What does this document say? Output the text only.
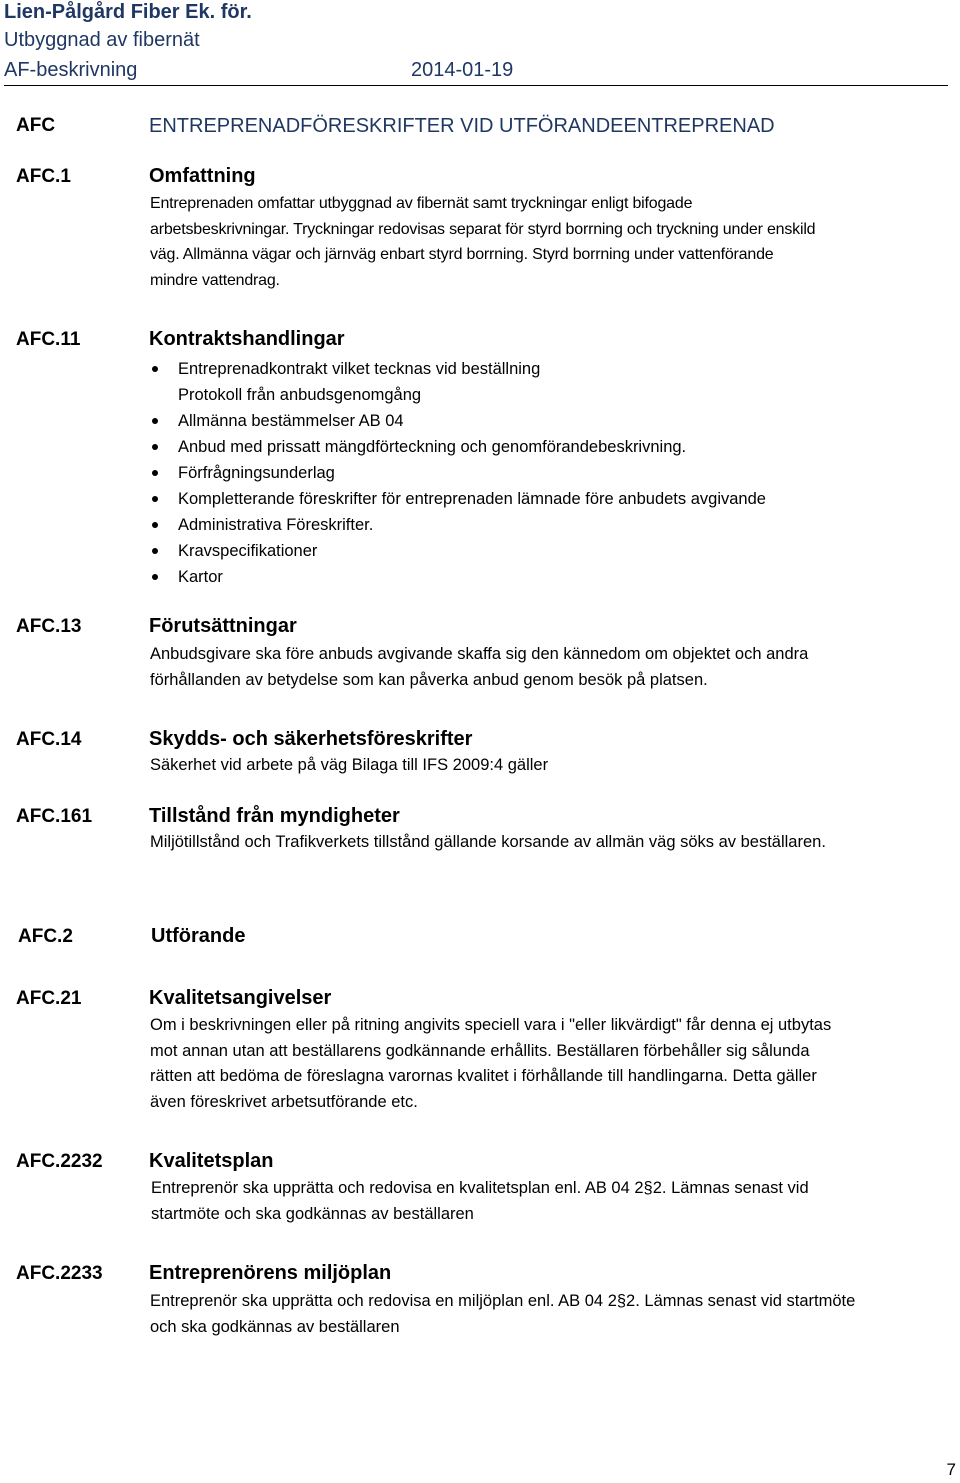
Lien-Pålgård Fiber Ek. för.
Utbyggnad av fibernät
AF-beskrivning	2014-01-19
AFC	ENTREPRENADFÖRESKRIFTER VID UTFÖRANDEENTREPRENAD
AFC.1	Omfattning
Entreprenaden omfattar utbyggnad av fibernät samt tryckningar enligt bifogade
arbetsbeskrivningar. Tryckningar redovisas separat för styrd borrning och tryckning under enskild
väg. Allmänna vägar och järnväg enbart styrd borrning. Styrd borrning under vattenförande
mindre vattendrag.
AFC.11	Kontraktshandlingar
Entreprenadkontrakt vilket tecknas vid beställning
Protokoll från anbudsgenomgång
Allmänna bestämmelser AB 04
Anbud med prissatt mängdförteckning och genomförandebeskrivning.
Förfrågningsunderlag
Kompletterande föreskrifter för entreprenaden lämnade före anbudets avgivande
Administrativa Föreskrifter.
Kravspecifikationer
Kartor
AFC.13	Förutsättningar
Anbudsgivare ska före anbuds avgivande skaffa sig den kännedom om objektet och andra
förhållanden av betydelse som kan påverka anbud genom besök på platsen.
AFC.14	Skydds- och säkerhetsföreskrifter
Säkerhet vid arbete på väg Bilaga till IFS 2009:4 gäller
AFC.161	Tillstånd från myndigheter
Miljötillstånd och Trafikverkets tillstånd gällande korsande av allmän väg söks av beställaren.
AFC.2	Utförande
AFC.21	Kvalitetsangivelser
Om i beskrivningen eller på ritning angivits speciell vara i "eller likvärdigt" får denna ej utbytas
mot annan utan att beställarens godkännande erhållits. Beställaren förbehåller sig sålunda
rätten att bedöma de föreslagna varornas kvalitet i förhållande till handlingarna. Detta gäller
även föreskrivet arbetsutförande etc.
AFC.2232 Kvalitetsplan
Entreprenör ska upprätta och redovisa en kvalitetsplan enl. AB 04 2§2. Lämnas senast vid
startmöte och ska godkännas av beställaren
AFC.2233 Entreprenörens miljöplan
Entreprenör ska upprätta och redovisa en miljöplan enl. AB 04 2§2. Lämnas senast vid startmöte
och ska godkännas av beställaren
7
